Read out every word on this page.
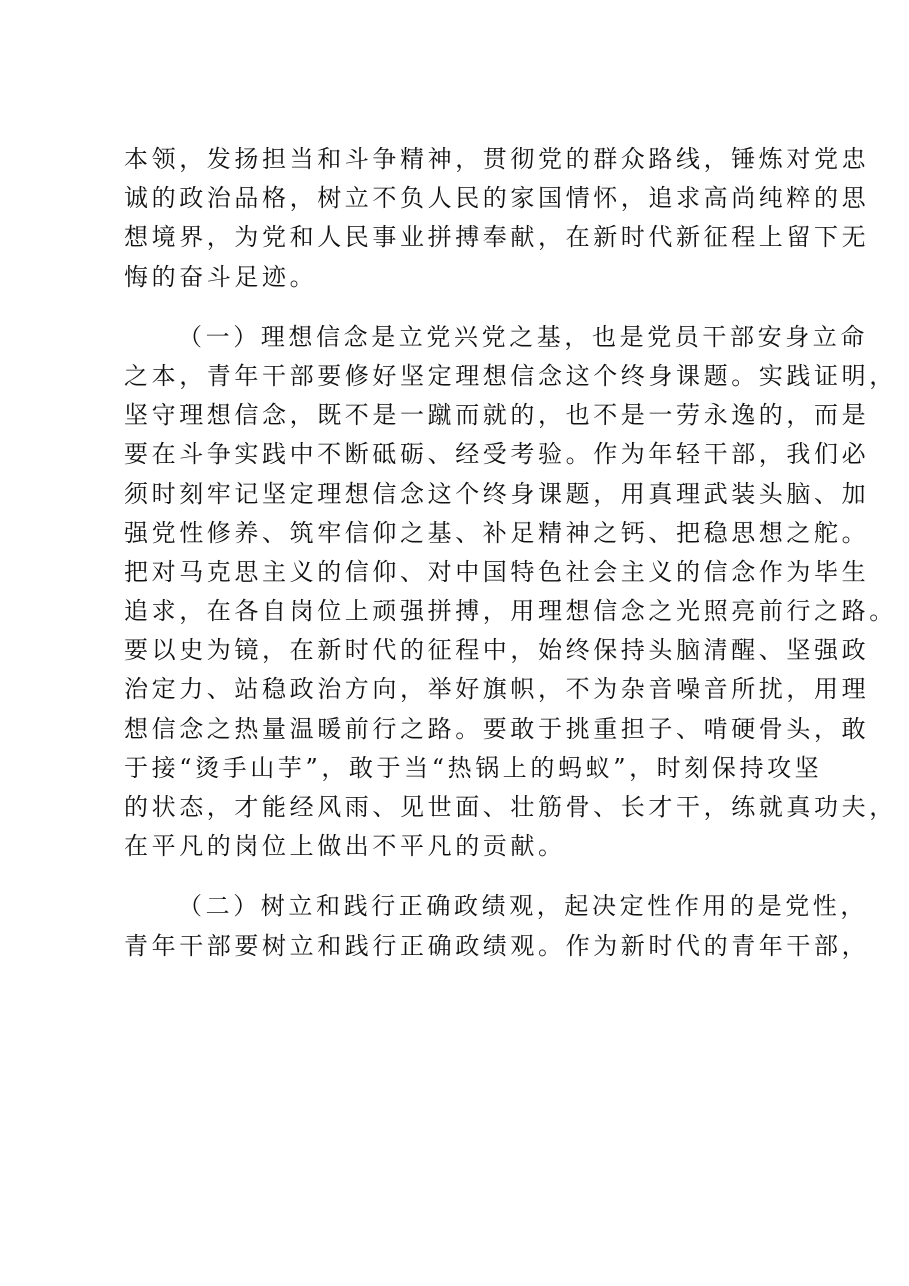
本领，发扬担当和斗争精神，贯彻党的群众路线，锤炼对党忠
诚的政治品格，树立不负人民的家国情怀，追求高尚纯粹的思
想境界，为党和人民事业拼搏奉献，在新时代新征程上留下无
悔的奋斗足迹。
（一）理想信念是立党兴党之基，也是党员干部安身立命
之本，青年干部要修好坚定理想信念这个终身课题。实践证明，
坚守理想信念，既不是一蹴而就的，也不是一劳永逸的，而是
要在斗争实践中不断砥砺、经受考验。作为年轻干部，我们必
须时刻牢记坚定理想信念这个终身课题，用真理武装头脑、加
强党性修养、筑牢信仰之基、补足精神之钙、把稳思想之舵。
把对马克思主义的信仰、对中国特色社会主义的信念作为毕生
追求，在各自岗位上顽强拼搏，用理想信念之光照亮前行之路。
要以史为镜，在新时代的征程中，始终保持头脑清醒、坚强政
治定力、站稳政治方向，举好旗帜，不为杂音噪音所扰，用理
想信念之热量温暖前行之路。要敢于挑重担子、啃硬骨头，敢
于接“烫手山芋”，敢于当“热锅上的蚂蚁”，时刻保持攻坚
的状态，才能经风雨、见世面、壮筋骨、长才干，练就真功夫，
在平凡的岗位上做出不平凡的贡献。
（二）树立和践行正确政绩观，起决定性作用的是党性，
青年干部要树立和践行正确政绩观。作为新时代的青年干部，
